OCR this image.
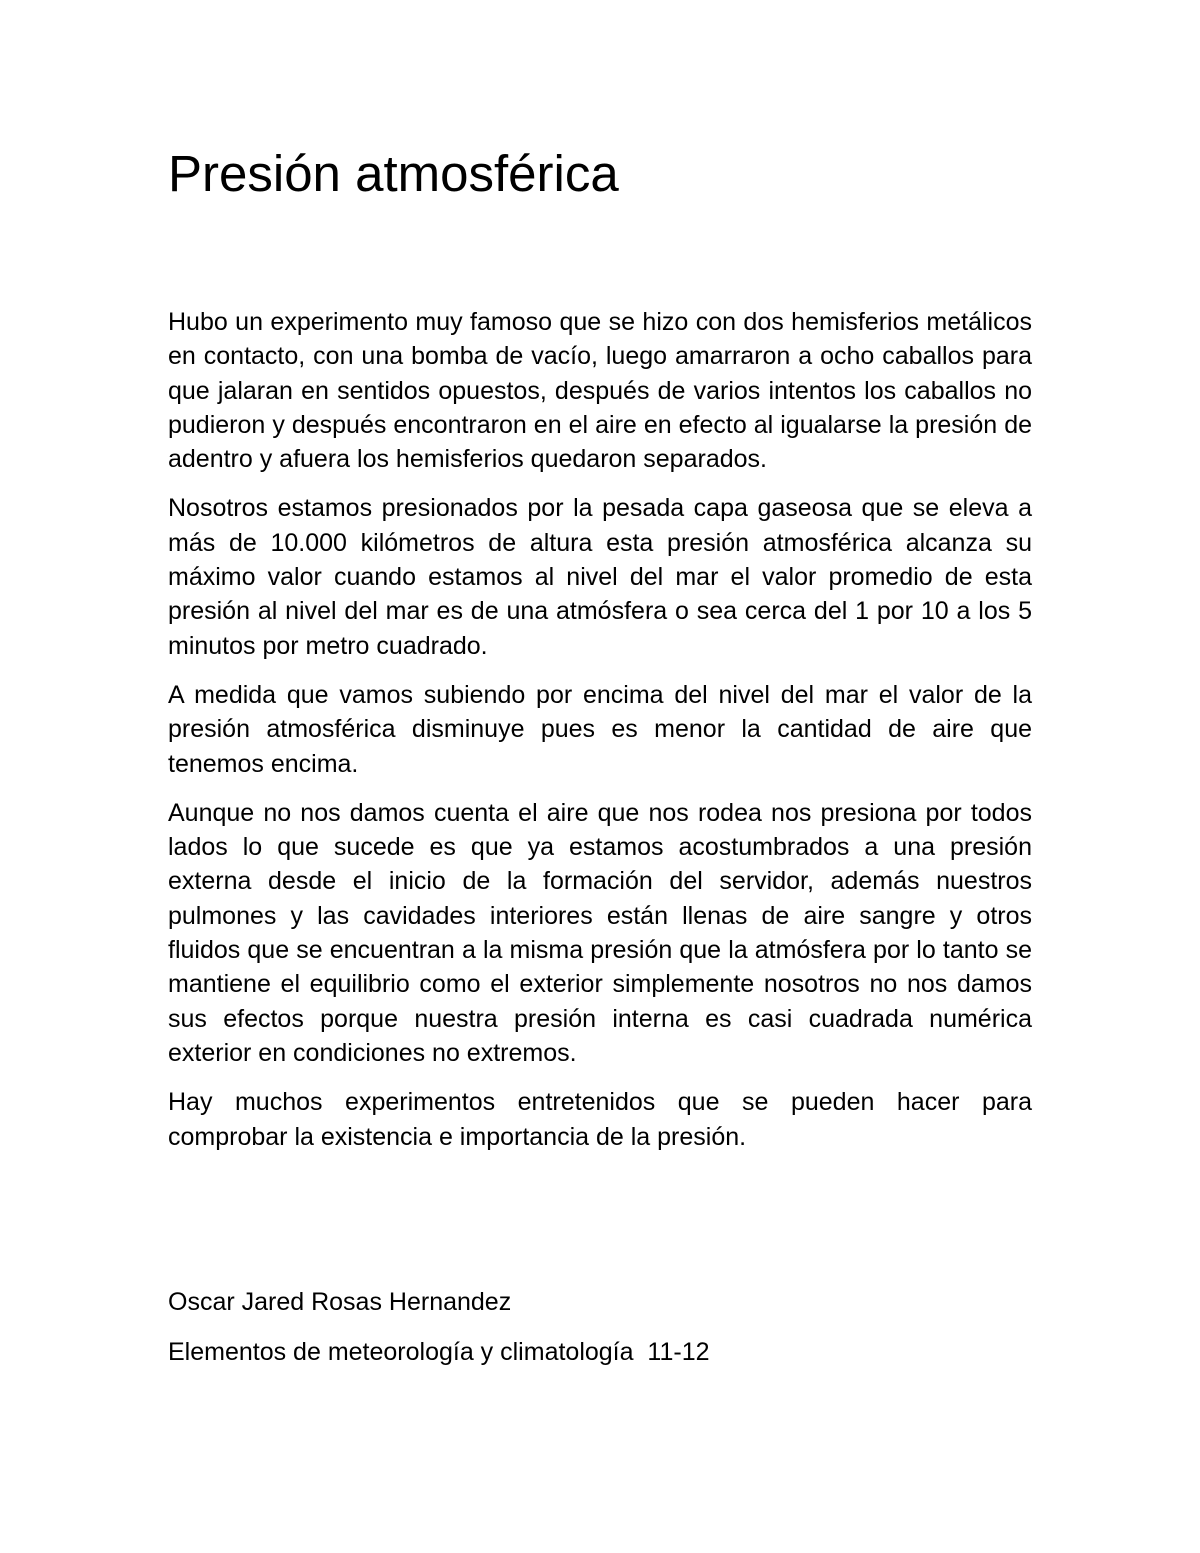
Presión atmosférica

Hubo un experimento muy famoso que se hizo con dos hemisferios metálicos en contacto, con una bomba de vacío, luego amarraron a ocho caballos para que jalaran en sentidos opuestos, después de varios intentos los caballos no pudieron y después encontraron en el aire en efecto al igualarse la presión de adentro y afuera los hemisferios quedaron separados.

Nosotros estamos presionados por la pesada capa gaseosa que se eleva a más de 10.000 kilómetros de altura esta presión atmosférica alcanza su máximo valor cuando estamos al nivel del mar el valor promedio de esta presión al nivel del mar es de una atmósfera o sea cerca del 1 por 10 a los 5 minutos por metro cuadrado.

A medida que vamos subiendo por encima del nivel del mar el valor de la presión atmosférica disminuye pues es menor la cantidad de aire que tenemos encima.

Aunque no nos damos cuenta el aire que nos rodea nos presiona por todos lados lo que sucede es que ya estamos acostumbrados a una presión externa desde el inicio de la formación del servidor, además nuestros pulmones y las cavidades interiores están llenas de aire sangre y otros fluidos que se encuentran a la misma presión que la atmósfera por lo tanto se mantiene el equilibrio como el exterior simplemente nosotros no nos damos sus efectos porque nuestra presión interna es casi cuadrada numérica exterior en condiciones no extremos.

Hay muchos experimentos entretenidos que se pueden hacer para comprobar la existencia e importancia de la presión.

Oscar Jared Rosas Hernandez

Elementos de meteorología y climatología  11-12
